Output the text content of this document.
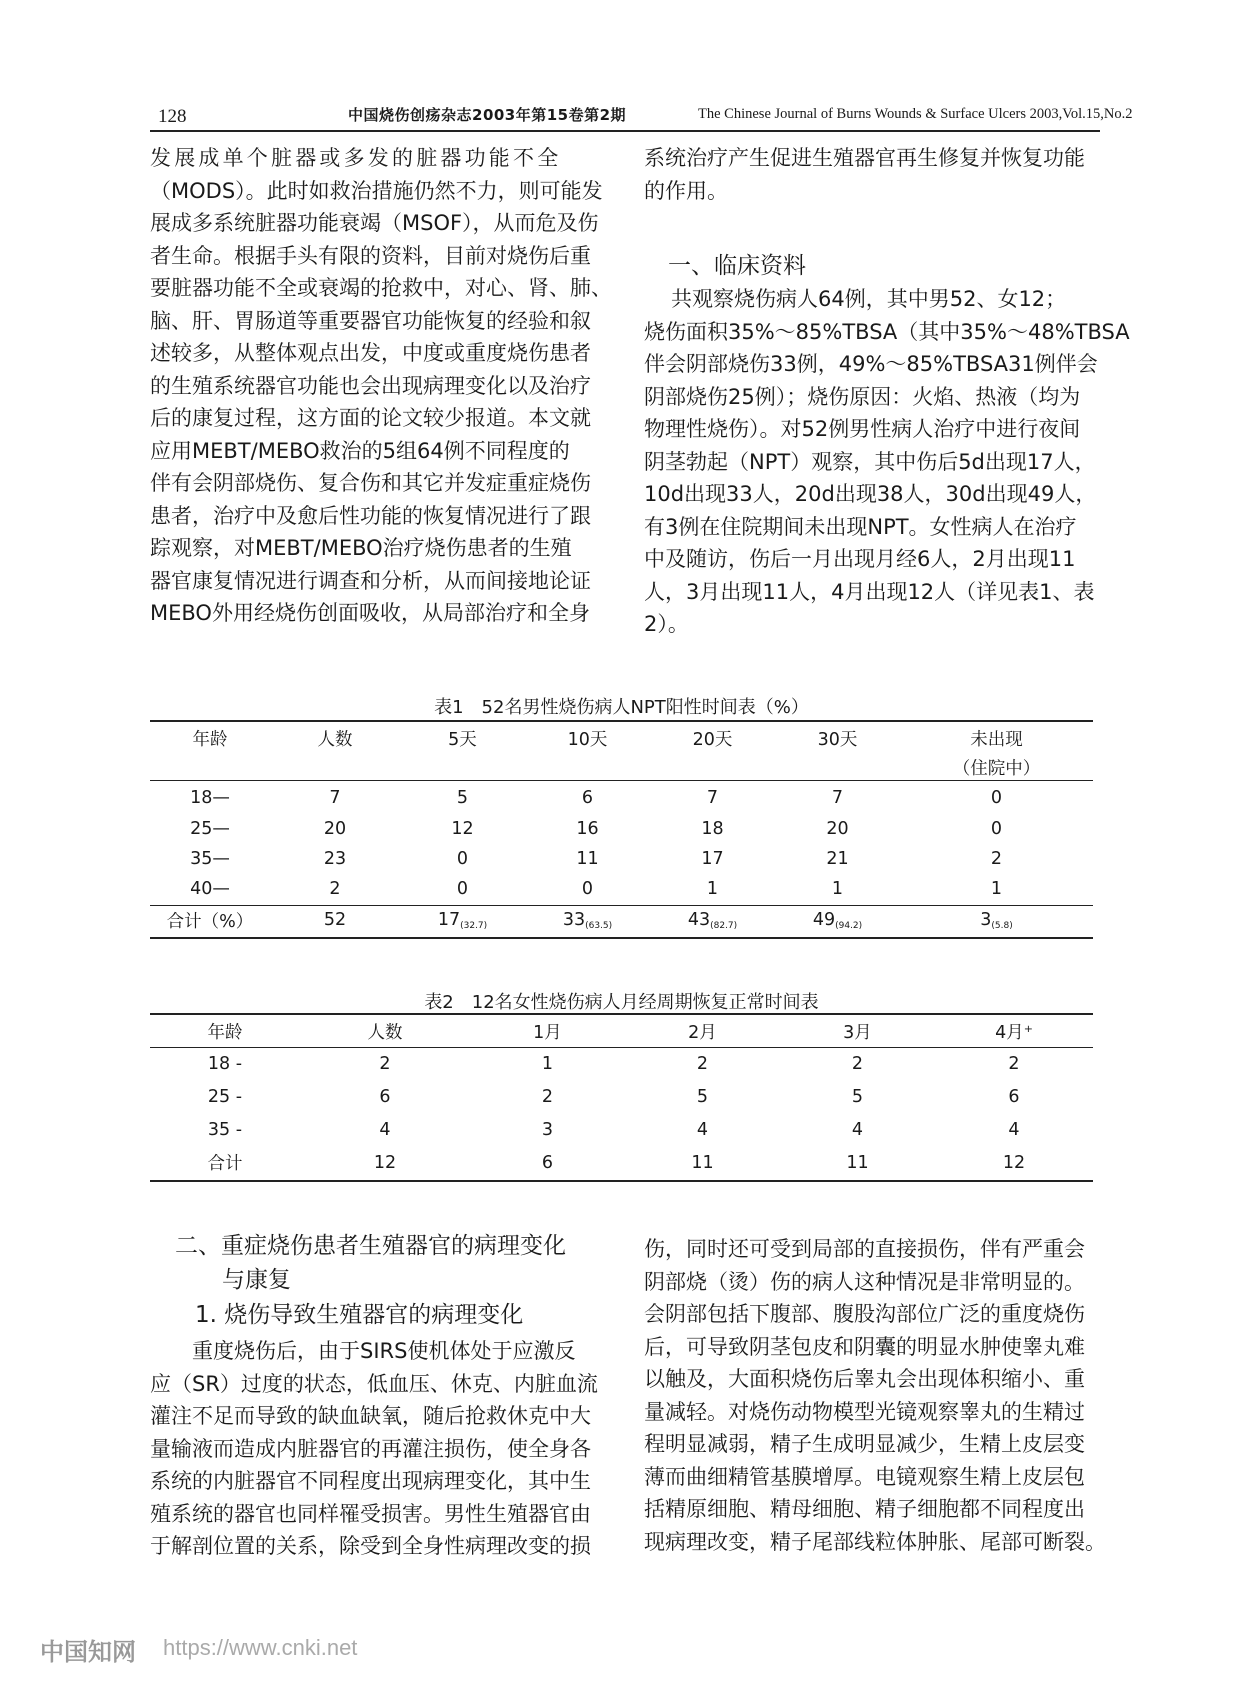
128	中国烧伤创疡杂志2003年第15卷第2期	The Chinese Journal of Burns Wounds & Surface Ulcers 2003,Vol.15,No.2
发展成单个脏器或多发的脏器功能不全
（MODS）。此时如救治措施仍然不力，则可能发
展成多系统脏器功能衰竭（MSOF），从而危及伤
者生命。根据手头有限的资料，目前对烧伤后重
要脏器功能不全或衰竭的抢救中，对心、肾、肺、
脑、肝、胃肠道等重要器官功能恢复的经验和叙
述较多，从整体观点出发，中度或重度烧伤患者
的生殖系统器官功能也会出现病理变化以及治疗
后的康复过程，这方面的论文较少报道。本文就
应用MEBT/MEBO救治的5组64例不同程度的
伴有会阴部烧伤、复合伤和其它并发症重症烧伤
患者，治疗中及愈后性功能的恢复情况进行了跟
踪观察，对MEBT/MEBO治疗烧伤患者的生殖
器官康复情况进行调查和分析，从而间接地论证
MEBO外用经烧伤创面吸收，从局部治疗和全身
系统治疗产生促进生殖器官再生修复并恢复功能
的作用。
一、临床资料
共观察烧伤病人64例，其中男52、女12；
烧伤面积35%～85%TBSA（其中35%～48%TBSA
伴会阴部烧伤33例，49%～85%TBSA31例伴会
阴部烧伤25例）；烧伤原因：火焰、热液（均为
物理性烧伤）。对52例男性病人治疗中进行夜间
阴茎勃起（NPT）观察，其中伤后5d出现17人，
10d出现33人，20d出现38人，30d出现49人，
有3例在住院期间未出现NPT。女性病人在治疗
中及随访，伤后一月出现月经6人，2月出现11
人，3月出现11人，4月出现12人（详见表1、表
2）。
表1　52名男性烧伤病人NPT阳性时间表（%）
年龄	人数	5天	10天	20天	30天	未出现
						（住院中）
18—	7	5	6	7	7	0
25—	20	12	16	18	20	0
35—	23	0	11	17	21	2
40—	2	0	0	1	1	1
合计（%）	52	$17_{(32.7)}$	$33_{(63.5)}$	$43_{(82.7)}$	$49_{(94.2)}$	$3_{(5.8)}$
表2　12名女性烧伤病人月经周期恢复正常时间表
年龄	人数	1月	2月	3月	4月⁺
18 -	2	1	2	2	2
25 -	6	2	5	5	6
35 -	4	3	4	4	4
合计	12	6	11	11	12
二、重症烧伤患者生殖器官的病理变化
与康复
1. 烧伤导致生殖器官的病理变化
重度烧伤后，由于SIRS使机体处于应激反
应（SR）过度的状态，低血压、休克、内脏血流
灌注不足而导致的缺血缺氧，随后抢救休克中大
量输液而造成内脏器官的再灌注损伤，使全身各
系统的内脏器官不同程度出现病理变化，其中生
殖系统的器官也同样罹受损害。男性生殖器官由
于解剖位置的关系，除受到全身性病理改变的损
伤，同时还可受到局部的直接损伤，伴有严重会
阴部烧（烫）伤的病人这种情况是非常明显的。
会阴部包括下腹部、腹股沟部位广泛的重度烧伤
后，可导致阴茎包皮和阴囊的明显水肿使睾丸难
以触及，大面积烧伤后睾丸会出现体积缩小、重
量减轻。对烧伤动物模型光镜观察睾丸的生精过
程明显减弱，精子生成明显减少，生精上皮层变
薄而曲细精管基膜增厚。电镜观察生精上皮层包
括精原细胞、精母细胞、精子细胞都不同程度出
现病理改变，精子尾部线粒体肿胀、尾部可断裂。
中国知网 https://www.cnki.net
